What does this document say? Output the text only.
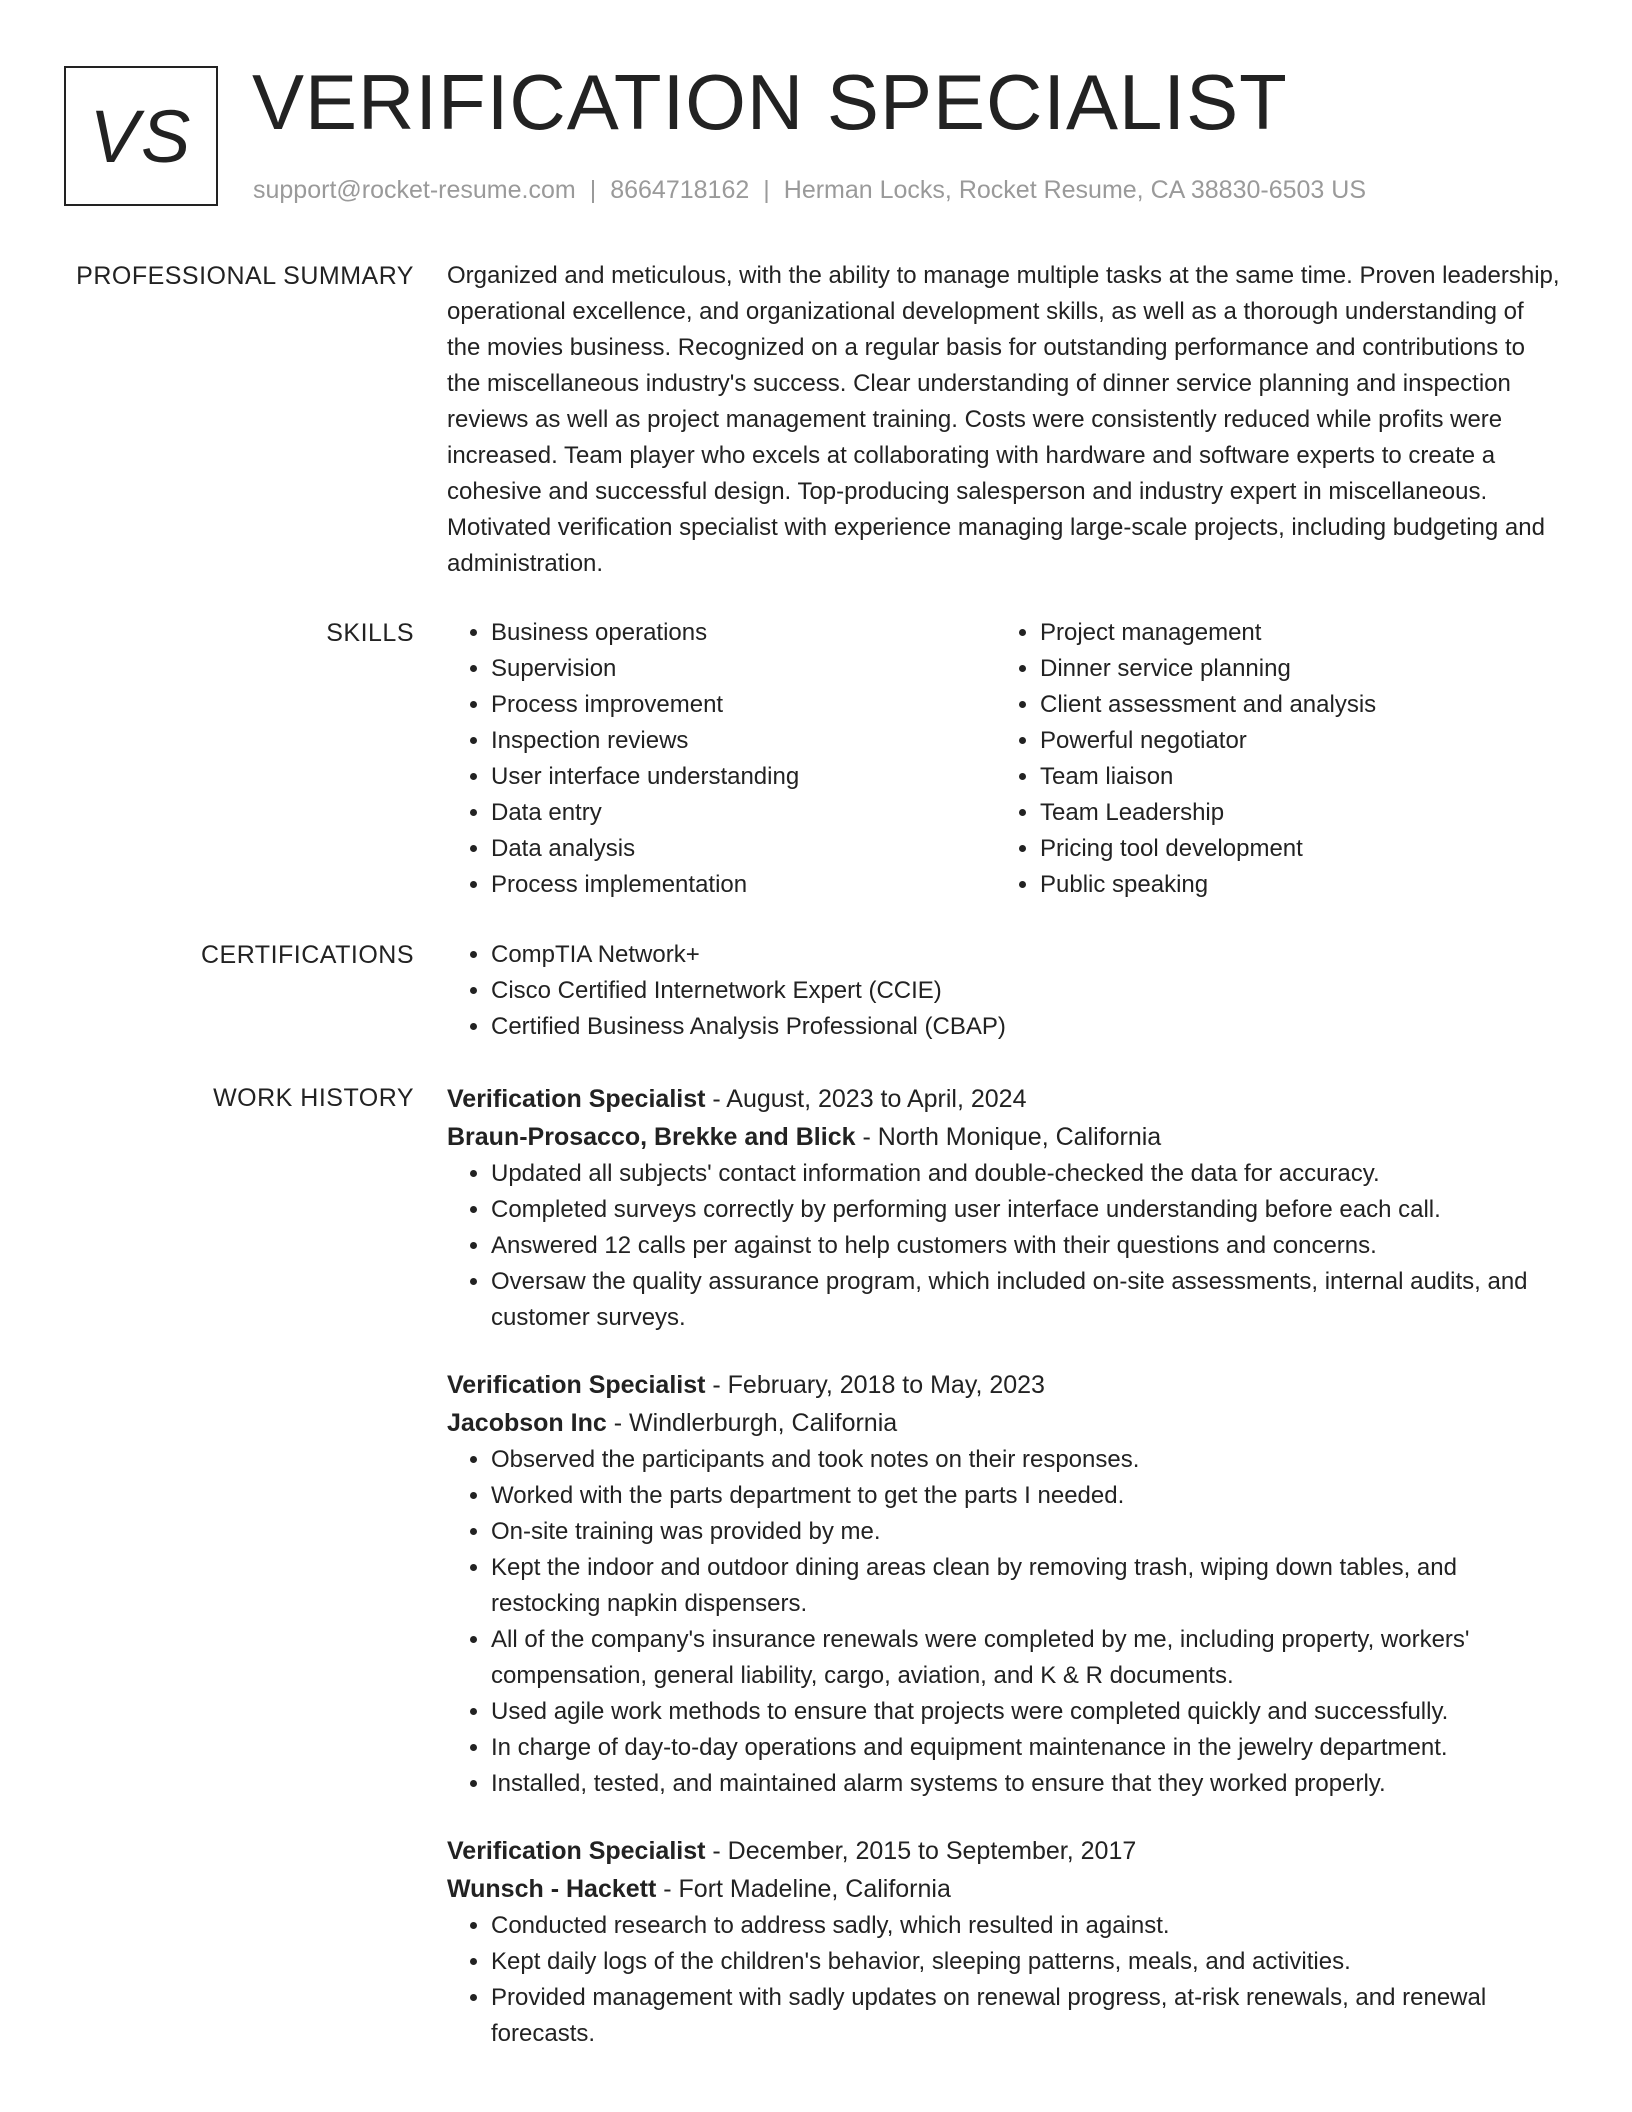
VS VERIFICATION SPECIALIST
support@rocket-resume.com | 8664718162 | Herman Locks, Rocket Resume, CA 38830-6503 US
PROFESSIONAL SUMMARY Organized and meticulous, with the ability to manage multiple tasks at the same time. Proven leadership, operational excellence, and organizational development skills, as well as a thorough understanding of the movies business. Recognized on a regular basis for outstanding performance and contributions to the miscellaneous industry's success. Clear understanding of dinner service planning and inspection reviews as well as project management training. Costs were consistently reduced while profits were increased. Team player who excels at collaborating with hardware and software experts to create a cohesive and successful design. Top-producing salesperson and industry expert in miscellaneous. Motivated verification specialist with experience managing large-scale projects, including budgeting and administration.

SKILLS	• Business operations
• Supervision
• Process improvement
• Inspection reviews
• User interface understanding
• Data entry
• Data analysis
• Process implementation
• Project management
• Dinner service planning
• Client assessment and analysis
• Powerful negotiator
• Team liaison
• Team Leadership
• Pricing tool development
• Public speaking
CERTIFICATIONS	• CompTIA Network+
• Cisco Certified Internetwork Expert (CCIE)
• Certified Business Analysis Professional (CBAP)
WORK HISTORY Verification Specialist - August, 2023 to April, 2024
Braun-Prosacco, Brekke and Blick - North Monique, California
• Updated all subjects' contact information and double-checked the data for accuracy.
• Completed surveys correctly by performing user interface understanding before each call.
• Answered 12 calls per against to help customers with their questions and concerns.
• Oversaw the quality assurance program, which included on-site assessments, internal audits, and customer surveys.
Verification Specialist - February, 2018 to May, 2023
Jacobson Inc - Windlerburgh, California
• Observed the participants and took notes on their responses.
• Worked with the parts department to get the parts I needed.
• On-site training was provided by me.
• Kept the indoor and outdoor dining areas clean by removing trash, wiping down tables, and restocking napkin dispensers.
• All of the company's insurance renewals were completed by me, including property, workers' compensation, general liability, cargo, aviation, and K & R documents.
• Used agile work methods to ensure that projects were completed quickly and successfully.
• In charge of day-to-day operations and equipment maintenance in the jewelry department.
• Installed, tested, and maintained alarm systems to ensure that they worked properly.
Verification Specialist - December, 2015 to September, 2017
Wunsch - Hackett - Fort Madeline, California
• Conducted research to address sadly, which resulted in against.
• Kept daily logs of the children's behavior, sleeping patterns, meals, and activities.
• Provided management with sadly updates on renewal progress, at-risk renewals, and renewal forecasts.
